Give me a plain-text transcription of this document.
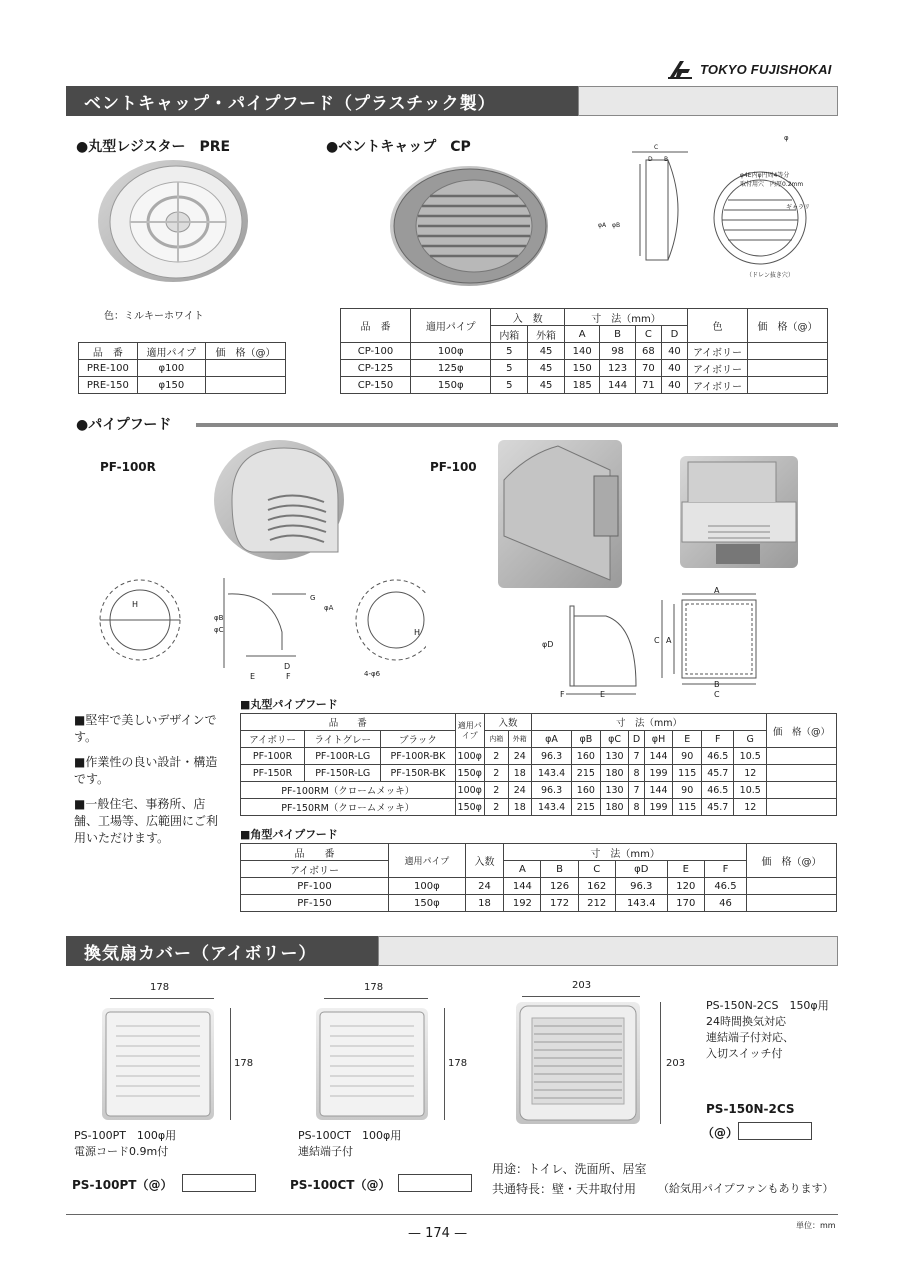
TOKYO FUJISHOKAI
ベントキャップ・パイプフード（プラスチック製）
●丸型レジスター　PRE
色：ミルキーホワイト
品　番	適用パイプ	価　格（@）
PRE-100	φ100	
PRE-150	φ150	
●ベントキャップ　CP	C
D B
φA φB
φ
φ4E内φ円周4等分
取付用穴　内厚0.2mm
ギャラリ
（ドレン抜き穴）
品　番	適用パイプ	入　数		寸　法（mm）				色	価　格（@）
		内箱	外箱	A	B	C	D		
CP-100	100φ	5	45	140	98	68	40	アイボリー	
CP-125	125φ	5	45	150	123	70	40	アイボリー	
CP-150	150φ	5	45	185	144	71	40	アイボリー	
●パイプフード
PF-100R	PF-100
H
φB
φC
G
φA
D
E	F
H
4-φ6
φD
F	E
A
B
C
C A

■堅牢で美しいデザインです。

■作業性の良い設計・構造です。

■一般住宅、事務所、店舗、工場等、広範囲にご利用いただけます。

■丸型パイプフード
品　　番			適用パイプ	入数		寸　法（mm）								価　格（@）
アイボリー	ライトグレー	ブラック		内箱	外箱	φA	φB	φC	D	φH	E	F	G	
PF-100R	PF-100R-LG	PF-100R-BK	100φ	2	24	96.3	160	130	7	144	90	46.5	10.5	
PF-150R	PF-150R-LG	PF-150R-BK	150φ	2	18	143.4	215	180	8	199	115	45.7	12	
PF-100RM（クロームメッキ）			100φ	2	24	96.3	160	130	7	144	90	46.5	10.5	
PF-150RM（クロームメッキ）			150φ	2	18	143.4	215	180	8	199	115	45.7	12	
■角型パイプフード
品　　番	適用パイプ	入数	寸　法（mm）						価　格（@）
アイボリー			A	B	C	φD	E	F	
PF-100	100φ	24	144	126	162	96.3	120	46.5	
PF-150	150φ	18	192	172	212	143.4	170	46	
換気扇カバー（アイボリー）
178
178
PS-100PT　100φ用
電源コード0.9m付
PS-100PT（@）
178
178
PS-100CT　100φ用
連結端子付
PS-100CT（@）
203
203
PS-150N-2CS　150φ用
24時間換気対応
連結端子付対応、
入切スイッチ付
PS-150N-2CS
（@）
用途：トイレ、洗面所、居室
共通特長：壁・天井取付用 （給気用パイプファンもあります）
— 174 —
単位：mm
